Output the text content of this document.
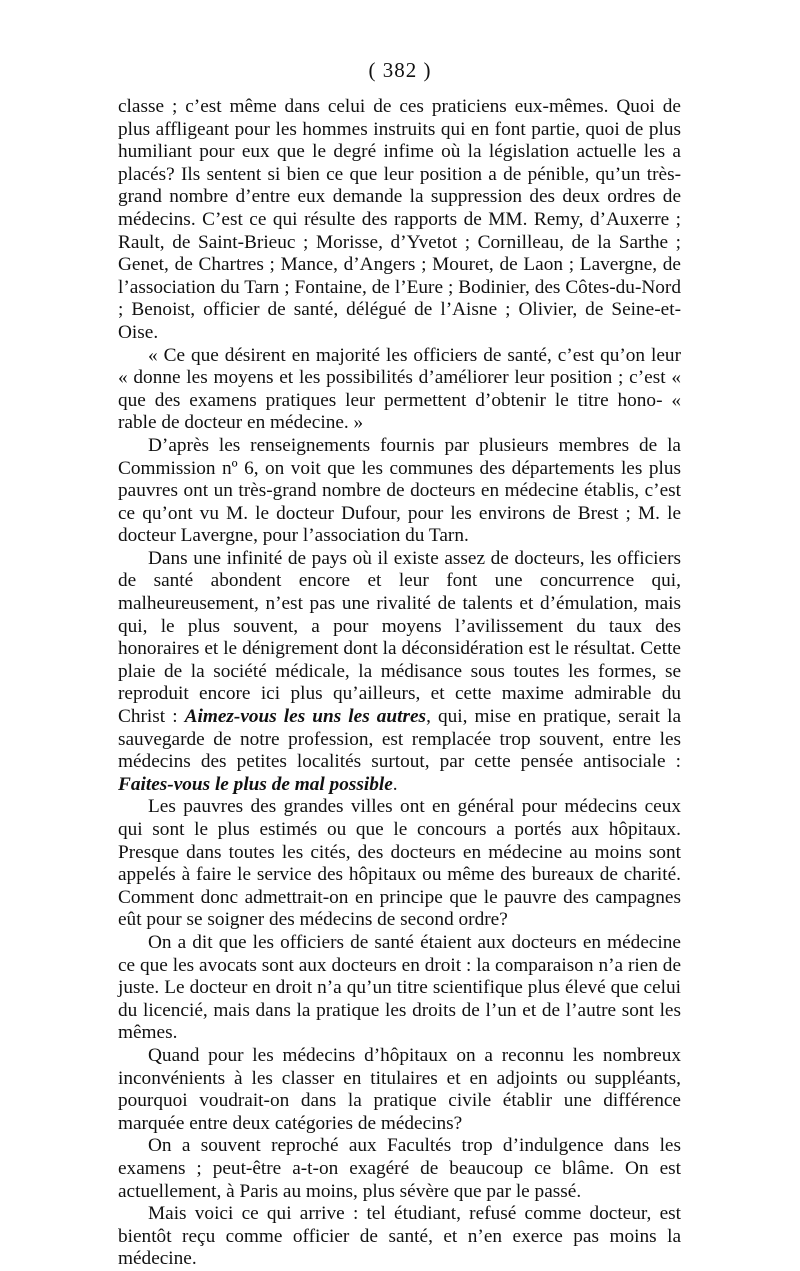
( 382 )

classe ; c’est même dans celui de ces praticiens eux-mêmes. Quoi de plus affligeant pour les hommes instruits qui en font partie, quoi de plus humiliant pour eux que le degré infime où la législation actuelle les a placés? Ils sentent si bien ce que leur position a de pénible, qu’un très-grand nombre d’entre eux demande la suppression des deux ordres de médecins. C’est ce qui résulte des rapports de MM. Remy, d’Auxerre ; Rault, de Saint-Brieuc ; Morisse, d’Yvetot ; Cornilleau, de la Sarthe ; Genet, de Chartres ; Mance, d’Angers ; Mouret, de Laon ; Lavergne, de l’association du Tarn ; Fontaine, de l’Eure ; Bodinier, des Côtes-du-Nord ; Benoist, officier de santé, délégué de l’Aisne ; Olivier, de Seine-et-Oise.

« Ce que désirent en majorité les officiers de santé, c’est qu’on leur « donne les moyens et les possibilités d’améliorer leur position ; c’est « que des examens pratiques leur permettent d’obtenir le titre hono- « rable de docteur en médecine. »

D’après les renseignements fournis par plusieurs membres de la Commission nº 6, on voit que les communes des départements les plus pauvres ont un très-grand nombre de docteurs en médecine établis, c’est ce qu’ont vu M. le docteur Dufour, pour les environs de Brest ; M. le docteur Lavergne, pour l’association du Tarn.

Dans une infinité de pays où il existe assez de docteurs, les officiers de santé abondent encore et leur font une concurrence qui, malheureusement, n’est pas une rivalité de talents et d’émulation, mais qui, le plus souvent, a pour moyens l’avilissement du taux des honoraires et le dénigrement dont la déconsidération est le résultat. Cette plaie de la société médicale, la médisance sous toutes les formes, se reproduit encore ici plus qu’ailleurs, et cette maxime admirable du Christ : Aimez-vous les uns les autres, qui, mise en pratique, serait la sauvegarde de notre profession, est remplacée trop souvent, entre les médecins des petites localités surtout, par cette pensée antisociale : Faites-vous le plus de mal possible.

Les pauvres des grandes villes ont en général pour médecins ceux qui sont le plus estimés ou que le concours a portés aux hôpitaux. Presque dans toutes les cités, des docteurs en médecine au moins sont appelés à faire le service des hôpitaux ou même des bureaux de charité. Comment donc admettrait-on en principe que le pauvre des campagnes eût pour se soigner des médecins de second ordre?

On a dit que les officiers de santé étaient aux docteurs en médecine ce que les avocats sont aux docteurs en droit : la comparaison n’a rien de juste. Le docteur en droit n’a qu’un titre scientifique plus élevé que celui du licencié, mais dans la pratique les droits de l’un et de l’autre sont les mêmes.

Quand pour les médecins d’hôpitaux on a reconnu les nombreux inconvénients à les classer en titulaires et en adjoints ou suppléants, pourquoi voudrait-on dans la pratique civile établir une différence marquée entre deux catégories de médecins?

On a souvent reproché aux Facultés trop d’indulgence dans les examens ; peut-être a-t-on exagéré de beaucoup ce blâme. On est actuellement, à Paris au moins, plus sévère que par le passé.

Mais voici ce qui arrive : tel étudiant, refusé comme docteur, est bientôt reçu comme officier de santé, et n’en exerce pas moins la médecine.
